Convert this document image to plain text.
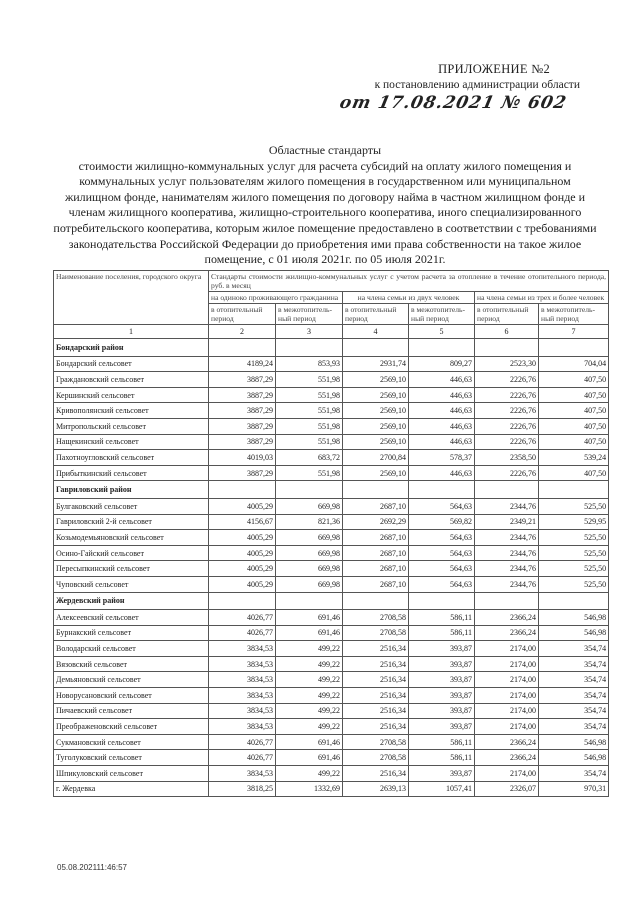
ПРИЛОЖЕНИЕ №2
к постановлению администрации области
от 17.08.2021 № 602
Областные стандарты
стоимости жилищно-коммунальных услуг для расчета субсидий на оплату жилого помещения и коммунальных услуг пользователям жилого помещения в государственном или муниципальном жилищном фонде, нанимателям жилого помещения по договору найма в частном жилищном фонде и членам жилищного кооператива, жилищно-строительного кооператива, иного специализированного потребительского кооператива, которым жилое помещение предоставлено в соответствии с требованиями законодательства Российской Федерации до приобретения ими права собственности на такое жилое помещение, с 01 июля 2021г. по 05 июля 2021г.
Наименование поселения, городского округа	Стандарты стоимости жилищно-коммунальных услуг с учетом расчета за отопление в течение отопительного периода, руб. в месяц					
	на одиноко проживающего гражданина		на члена семьи из двух человек		на члена семьи из трех и более человек	
	в отопительный период	в межотопитель-ный период	в отопительный период	в межотопитель-ный период	в отопительный период	в межотопитель-ный период
1	2	3	4	5	6	7
Бондарский район						
Бондарский сельсовет	4189,24	853,93	2931,74	809,27	2523,30	704,04
Граждановский сельсовет	3887,29	551,98	2569,10	446,63	2226,76	407,50
Кершинский сельсовет	3887,29	551,98	2569,10	446,63	2226,76	407,50
Кривополянский сельсовет	3887,29	551,98	2569,10	446,63	2226,76	407,50
Митропольский сельсовет	3887,29	551,98	2569,10	446,63	2226,76	407,50
Нащекинский сельсовет	3887,29	551,98	2569,10	446,63	2226,76	407,50
Пахотноугловский сельсовет	4019,03	683,72	2700,84	578,37	2358,50	539,24
Прибыткинский сельсовет	3887,29	551,98	2569,10	446,63	2226,76	407,50
Гавриловский район						
Булгаковский сельсовет	4005,29	669,98	2687,10	564,63	2344,76	525,50
Гавриловский 2-й сельсовет	4156,67	821,36	2692,29	569,82	2349,21	529,95
Козьмодемьяновский сельсовет	4005,29	669,98	2687,10	564,63	2344,76	525,50
Осино-Гайский сельсовет	4005,29	669,98	2687,10	564,63	2344,76	525,50
Пересыпкинский сельсовет	4005,29	669,98	2687,10	564,63	2344,76	525,50
Чуповский сельсовет	4005,29	669,98	2687,10	564,63	2344,76	525,50
Жердевский район						
Алексеевский сельсовет	4026,77	691,46	2708,58	586,11	2366,24	546,98
Бурнакский сельсовет	4026,77	691,46	2708,58	586,11	2366,24	546,98
Володарский сельсовет	3834,53	499,22	2516,34	393,87	2174,00	354,74
Вязовский сельсовет	3834,53	499,22	2516,34	393,87	2174,00	354,74
Демьяновский сельсовет	3834,53	499,22	2516,34	393,87	2174,00	354,74
Новорусановский сельсовет	3834,53	499,22	2516,34	393,87	2174,00	354,74
Пичаевский сельсовет	3834,53	499,22	2516,34	393,87	2174,00	354,74
Преображеновский сельсовет	3834,53	499,22	2516,34	393,87	2174,00	354,74
Сукмановский сельсовет	4026,77	691,46	2708,58	586,11	2366,24	546,98
Туголуковский сельсовет	4026,77	691,46	2708,58	586,11	2366,24	546,98
Шпикуловский сельсовет	3834,53	499,22	2516,34	393,87	2174,00	354,74
г. Жердевка	3818,25	1332,69	2639,13	1057,41	2326,07	970,31
05.08.202111:46:57
